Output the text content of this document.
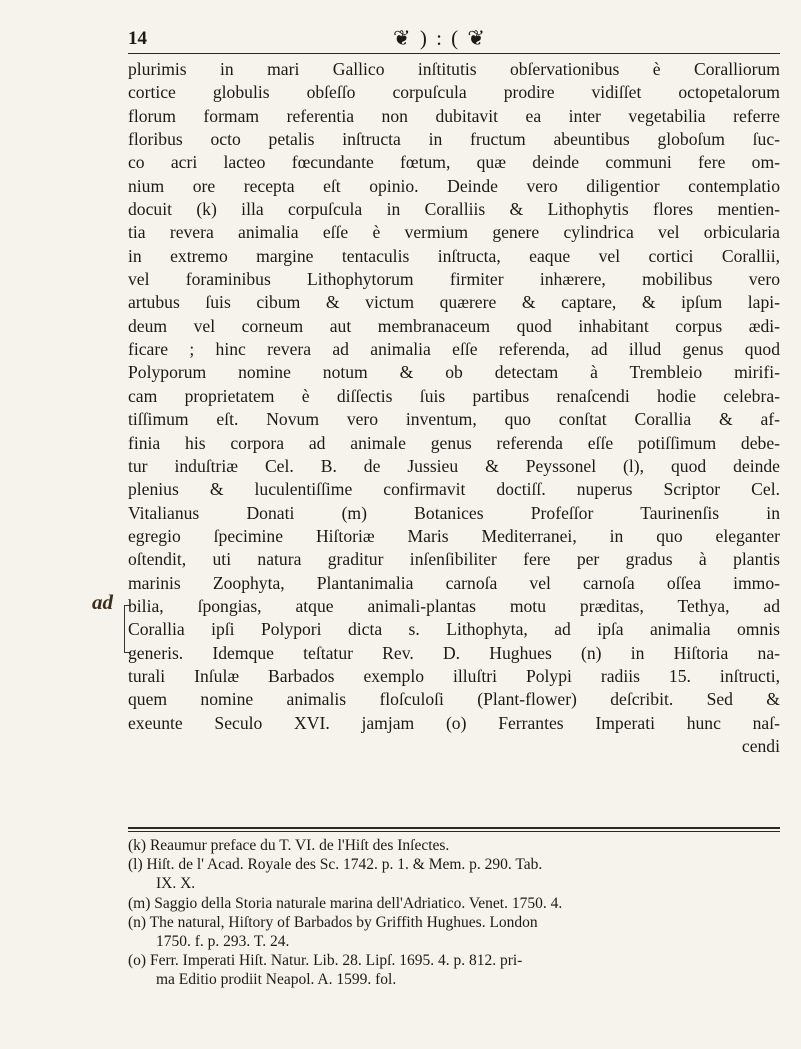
14	❦ ) : ( ❦
ad
plurimis in mari Gallico inſtitutis obſervationibus è Coralliorum
cortice globulis obſeſſo corpuſcula prodire vidiſſet octopetalorum
florum formam referentia non dubitavit ea inter vegetabilia referre
floribus octo petalis inſtructa in fructum abeuntibus globoſum ſuc-
co acri lacteo fœcundante fœtum, quæ deinde communi fere om-
nium ore recepta eſt opinio. Deinde vero diligentior contemplatio
docuit (k) illa corpuſcula in Coralliis & Lithophytis flores mentien-
tia revera animalia eſſe è vermium genere cylindrica vel orbicularia
in extremo margine tentaculis inſtructa, eaque vel cortici Corallii,
vel foraminibus Lithophytorum firmiter inhærere, mobilibus vero
artubus ſuis cibum & victum quærere & captare, & ipſum lapi-
deum vel corneum aut membranaceum quod inhabitant corpus ædi-
ficare ; hinc revera ad animalia eſſe referenda, ad illud genus quod
Polyporum nomine notum & ob detectam à Trembleio mirifi-
cam proprietatem è diſſectis ſuis partibus renaſcendi hodie celebra-
tiſſimum eſt. Novum vero inventum, quo conſtat Corallia & af-
finia his corpora ad animale genus referenda eſſe potiſſimum debe-
tur induſtriæ Cel. B. de Jussieu & Peyssonel (l), quod deinde
plenius & luculentiſſime confirmavit doctiſſ. nuperus Scriptor Cel.
Vitalianus Donati (m) Botanices Profeſſor Taurinenſis in
egregio ſpecimine Hiſtoriæ Maris Mediterranei, in quo eleganter
oſtendit, uti natura graditur inſenſibiliter fere per gradus à plantis
marinis Zoophyta, Plantanimalia carnoſa vel carnoſa oſſea immo-
bilia, ſpongias, atque animali-plantas motu præditas, Tethya, ad
Corallia ipſi Polypori dicta s. Lithophyta, ad ipſa animalia omnis
generis. Idemque teſtatur Rev. D. Hughues (n) in Hiſtoria na-
turali Inſulæ Barbados exemplo illuſtri Polypi radiis 15. inſtructi,
quem nomine animalis floſculoſi (Plant-flower) deſcribit. Sed &
exeunte Seculo XVI. jamjam (o) Ferrantes Imperati hunc naſ-
cendi
(k) Reaumur preface du T. VI. de l'Hiſt des Inſectes.
(l) Hiſt. de l' Acad. Royale des Sc. 1742. p. 1. & Mem. p. 290. Tab.
IX. X.
(m) Saggio della Storia naturale marina dell'Adriatico. Venet. 1750. 4.
(n) The natural, Hiſtory of Barbados by Griffith Hughues. London
1750. f. p. 293. T. 24.
(o) Ferr. Imperati Hiſt. Natur. Lib. 28. Lipſ. 1695. 4. p. 812. pri-
ma Editio prodiit Neapol. A. 1599. fol.
